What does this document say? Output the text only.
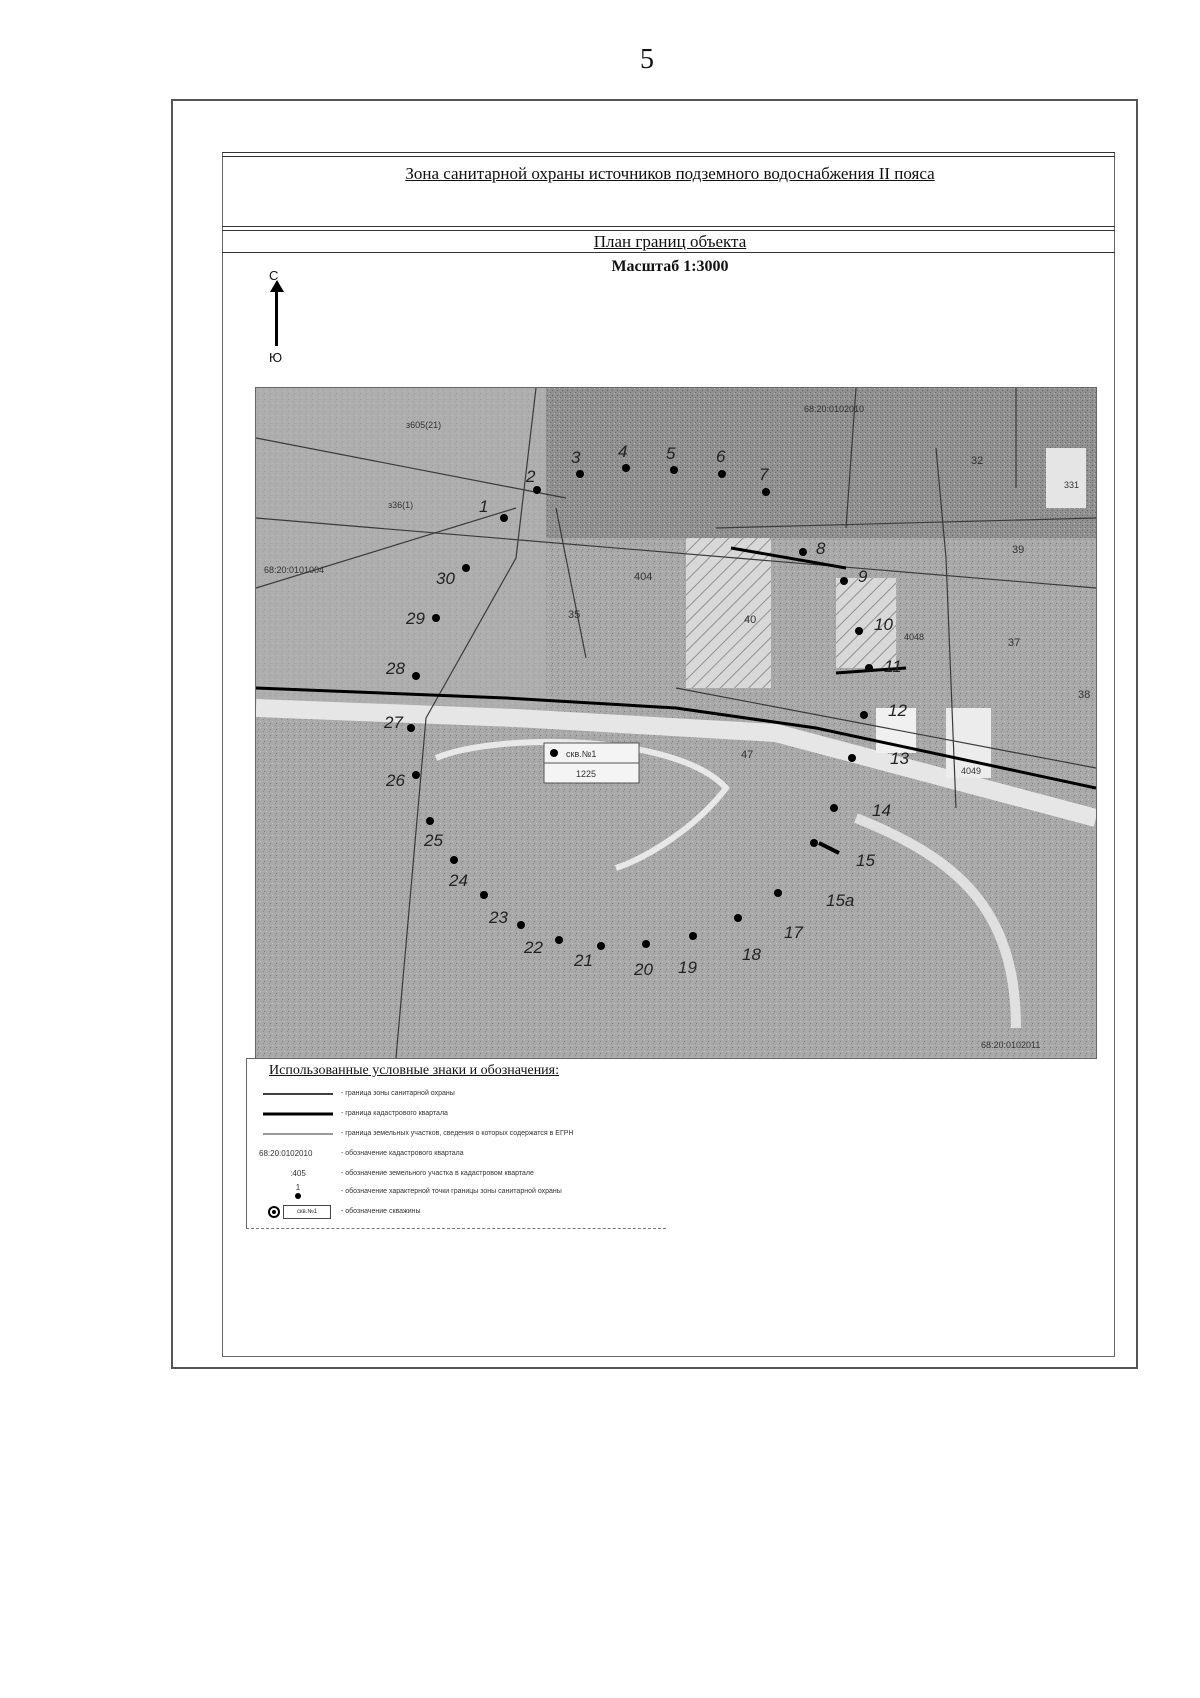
5
Зона санитарной охраны источников подземного водоснабжения II пояса
План границ объекта
Масштаб 1:3000
С
Ю
1
2
3 4 5 6
7
8
9
10
11
12
13
14
15
15а
17
18
19
20
21
22
23
24
25
26
27
28
29
30
з605(21)
з36(1)
68:20:0101004
404
4048
4049
40
37
38
39
47
32
331
68:20:0102010
35
68:20:0102011
скв.№1
1225
Использованные условные знаки и обозначения:
- граница зоны санитарной охраны
- граница кадастрового квартала
- граница земельных участков, сведения о которых содержатся в ЕГРН
68:20:0102010	- обозначение кадастрового квартала
:405	- обозначение земельного участка в кадастровом квартале
1	- обозначение характерной точки границы зоны санитарной охраны
скв.№1	- обозначение скважины
